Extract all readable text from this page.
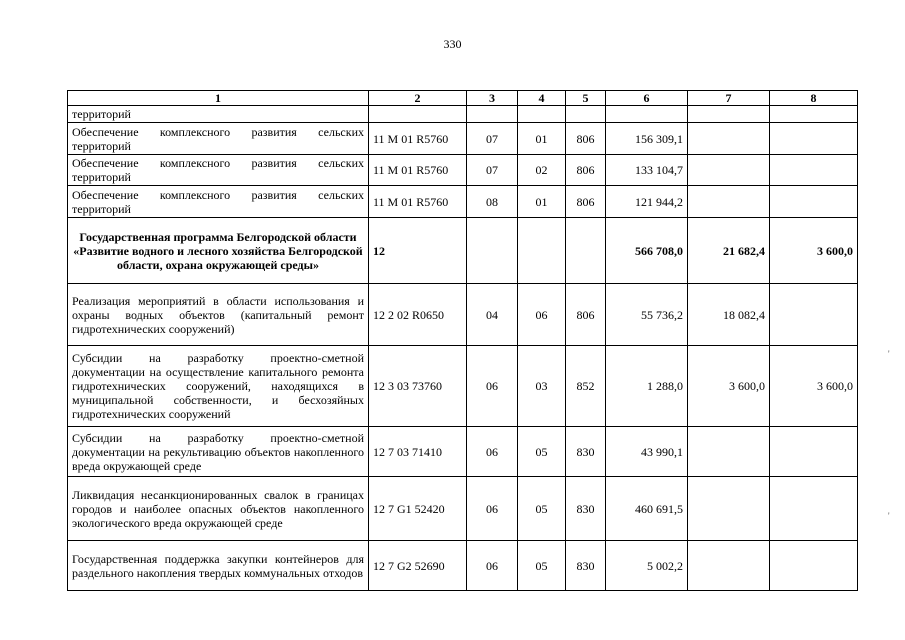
330
1	2	3	4	5	6	7	8
территорий							
Обеспечение комплексного развития сельских территорий	11 М 01 R5760	07	01	806	156 309,1		
Обеспечение комплексного развития сельских территорий	11 М 01 R5760	07	02	806	133 104,7		
Обеспечение комплексного развития сельских территорий	11 М 01 R5760	08	01	806	121 944,2		
Государственная программа Белгородской области «Развитие водного и лесного хозяйства Белгородской области, охрана окружающей среды»	12				566 708,0	21 682,4	3 600,0
Реализация мероприятий в области использования и охраны водных объектов (капитальный ремонт гидротехнических сооружений)	12 2 02 R0650	04	06	806	55 736,2	18 082,4	
Субсидии на разработку проектно-сметной документации на осуществление капитального ремонта гидротехнических сооружений, находящихся в муниципальной собственности, и бесхозяйных гидротехнических сооружений	12 3 03 73760	06	03	852	1 288,0	3 600,0	3 600,0
Субсидии на разработку проектно-сметной документации на рекультивацию объектов накопленного вреда окружающей среде	12 7 03 71410	06	05	830	43 990,1		
Ликвидация несанкционированных свалок в границах городов и наиболее опасных объектов накопленного экологического вреда окружающей среде	12 7 G1 52420	06	05	830	460 691,5		
Государственная поддержка закупки контейнеров для раздельного накопления твердых коммунальных отходов	12 7 G2 52690	06	05	830	5 002,2		
'
'
